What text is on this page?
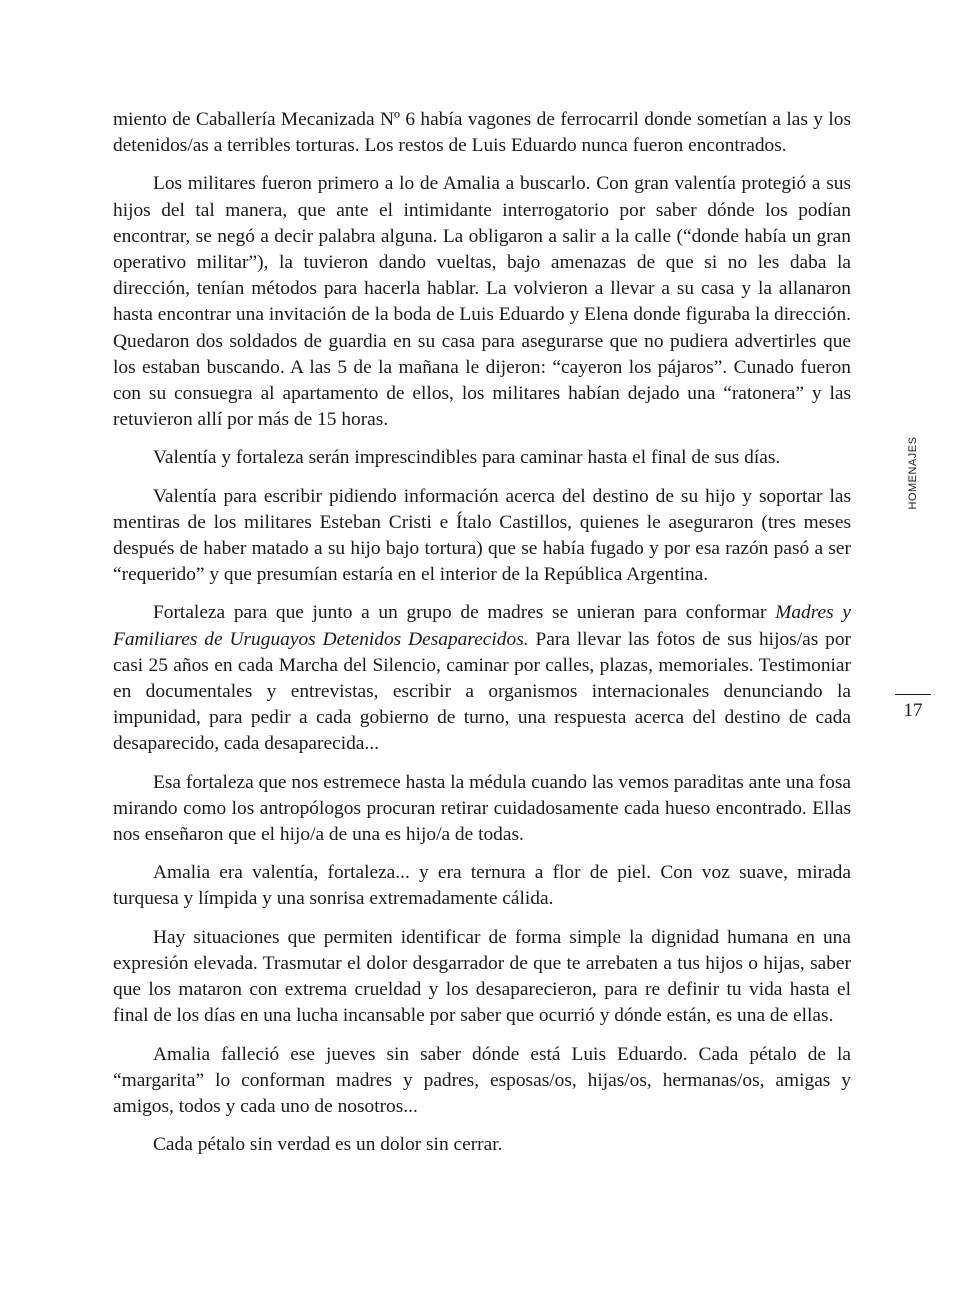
miento de Caballería Mecanizada Nº 6 había vagones de ferrocarril donde sometían a las y los detenidos/as a terribles torturas. Los restos de Luis Eduardo nunca fueron encontrados.

Los militares fueron primero a lo de Amalia a buscarlo. Con gran valentía protegió a sus hijos del tal manera, que ante el intimidante interrogatorio por saber dónde los podían encontrar, se negó a decir palabra alguna. La obligaron a salir a la calle (“donde había un gran operativo militar”), la tuvieron dando vueltas, bajo amenazas de que si no les daba la dirección, tenían métodos para hacerla hablar. La volvieron a llevar a su casa y la allanaron hasta encontrar una invitación de la boda de Luis Eduardo y Elena donde figuraba la dirección. Quedaron dos soldados de guardia en su casa para asegurarse que no pudiera advertirles que los estaban buscando. A las 5 de la mañana le dijeron: “cayeron los pájaros”. Cunado fueron con su consuegra al apartamento de ellos, los militares habían dejado una “ratonera” y las retuvieron allí por más de 15 horas.

Valentía y fortaleza serán imprescindibles para caminar hasta el final de sus días.

Valentía para escribir pidiendo información acerca del destino de su hijo y soportar las mentiras de los militares Esteban Cristi e Ítalo Castillos, quienes le aseguraron (tres meses después de haber matado a su hijo bajo tortura) que se había fugado y por esa razón pasó a ser “requerido” y que presumían estaría en el interior de la República Argentina.

Fortaleza para que junto a un grupo de madres se unieran para conformar Madres y Familiares de Uruguayos Detenidos Desaparecidos. Para llevar las fotos de sus hijos/as por casi 25 años en cada Marcha del Silencio, caminar por calles, plazas, memoriales. Testimoniar en documentales y entrevistas, escribir a organismos internacionales denunciando la impunidad, para pedir a cada gobierno de turno, una respuesta acerca del destino de cada desaparecido, cada desaparecida...

Esa fortaleza que nos estremece hasta la médula cuando las vemos paraditas ante una fosa mirando como los antropólogos procuran retirar cuidadosamente cada hueso encontrado. Ellas nos enseñaron que el hijo/a de una es hijo/a de todas.

Amalia era valentía, fortaleza... y era ternura a flor de piel. Con voz suave, mirada turquesa y límpida y una sonrisa extremadamente cálida.

Hay situaciones que permiten identificar de forma simple la dignidad humana en una expresión elevada. Trasmutar el dolor desgarrador de que te arrebaten a tus hijos o hijas, saber que los mataron con extrema crueldad y los desaparecieron, para re definir tu vida hasta el final de los días en una lucha incansable por saber que ocurrió y dónde están, es una de ellas.

Amalia falleció ese jueves sin saber dónde está Luis Eduardo. Cada pétalo de la “margarita” lo conforman madres y padres, esposas/os, hijas/os, hermanas/os, amigas y amigos, todos y cada uno de nosotros...

Cada pétalo sin verdad es un dolor sin cerrar.

HOMENAJES
17
